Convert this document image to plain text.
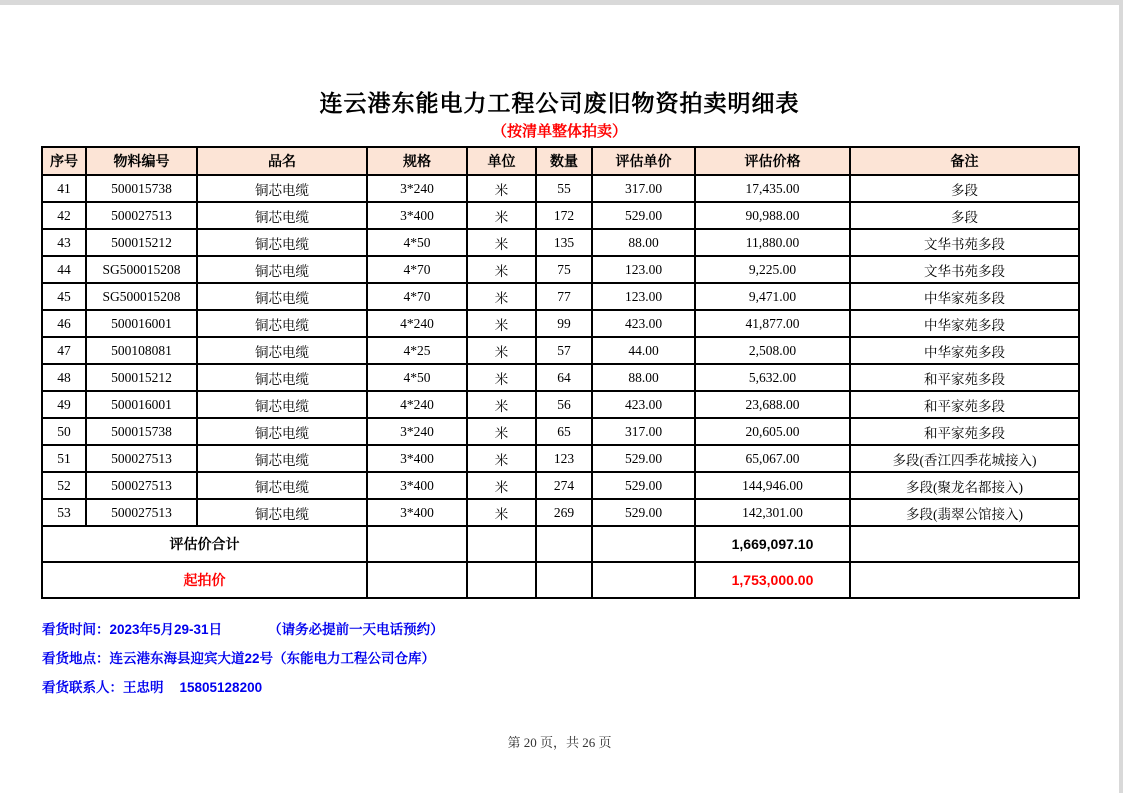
连云港东能电力工程公司废旧物资拍卖明细表
（按清单整体拍卖）
序号	物料编号	品名	规格	单位	数量	评估单价	评估价格	备注
41	500015738	铜芯电缆	3*240	米	55	317.00	17,435.00	多段
42	500027513	铜芯电缆	3*400	米	172	529.00	90,988.00	多段
43	500015212	铜芯电缆	4*50	米	135	88.00	11,880.00	文华书苑多段
44	SG500015208	铜芯电缆	4*70	米	75	123.00	9,225.00	文华书苑多段
45	SG500015208	铜芯电缆	4*70	米	77	123.00	9,471.00	中华家苑多段
46	500016001	铜芯电缆	4*240	米	99	423.00	41,877.00	中华家苑多段
47	500108081	铜芯电缆	4*25	米	57	44.00	2,508.00	中华家苑多段
48	500015212	铜芯电缆	4*50	米	64	88.00	5,632.00	和平家苑多段
49	500016001	铜芯电缆	4*240	米	56	423.00	23,688.00	和平家苑多段
50	500015738	铜芯电缆	3*240	米	65	317.00	20,605.00	和平家苑多段
51	500027513	铜芯电缆	3*400	米	123	529.00	65,067.00	多段(香江四季花城接入)
52	500027513	铜芯电缆	3*400	米	274	529.00	144,946.00	多段(聚龙名都接入)
53	500027513	铜芯电缆	3*400	米	269	529.00	142,301.00	多段(翡翠公馆接入)
评估价合计							1,669,097.10	
起拍价							1,753,000.00	
看货时间：2023年5月29-31日	（请务必提前一天电话预约）
看货地点：连云港东海县迎宾大道22号（东能电力工程公司仓库）
看货联系人：王忠明 15805128200
第 20 页，共 26 页
